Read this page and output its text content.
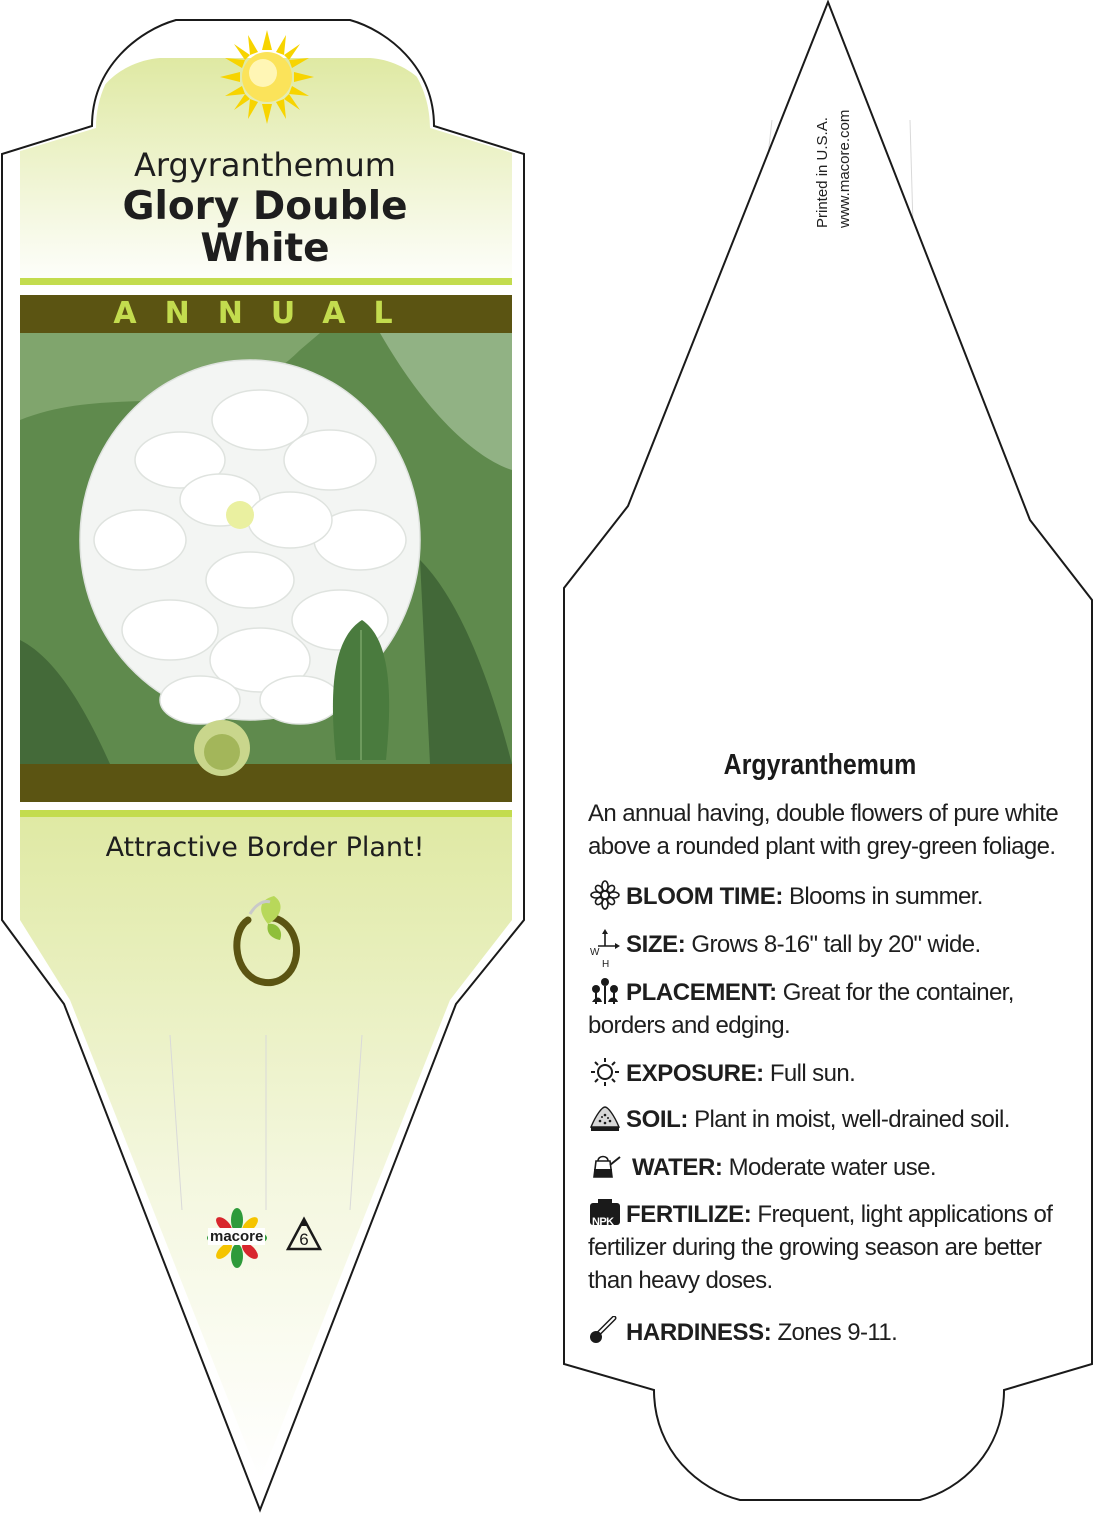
macore	6
Argyranthemum
Glory Double
White
ANNUAL
Attractive Border Plant!
Printed in U.S.A. www.macore.com
Argyranthemum
An annual having, double flowers of pure white above a rounded plant with grey-green foliage.
BLOOM TIME: Blooms in summer.
W
H
SIZE: Grows 8-16" tall by 20" wide.
PLACEMENT: Great for the container, borders and edging.
EXPOSURE: Full sun.
SOIL: Plant in moist, well-drained soil.
WATER: Moderate water use.
NPK FERTILIZE: Frequent, light applications of fertilizer during the growing season are better than heavy doses.
HARDINESS: Zones 9-11.
